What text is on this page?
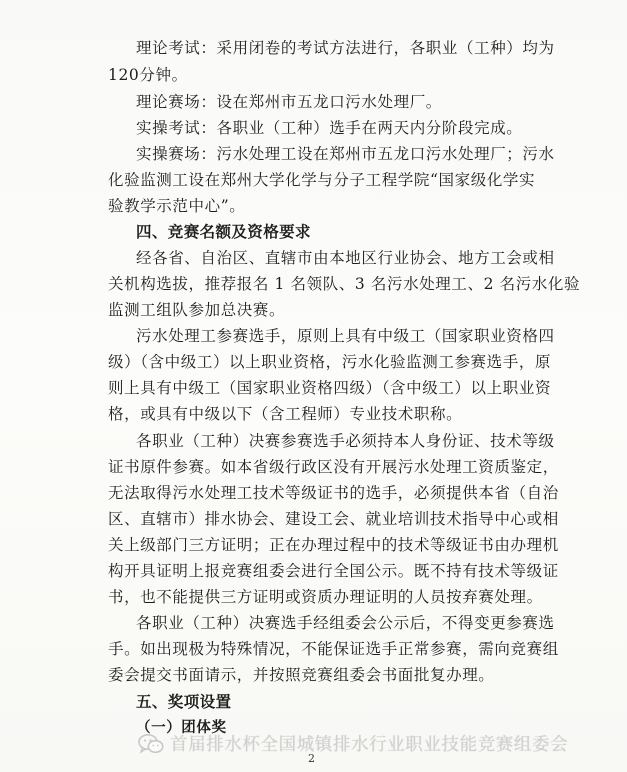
理论考试：采用闭卷的考试方法进行，各职业（工种）均为
120分钟。
理论赛场：设在郑州市五龙口污水处理厂。
实操考试：各职业（工种）选手在两天内分阶段完成。
实操赛场：污水处理工设在郑州市五龙口污水处理厂；污水
化验监测工设在郑州大学化学与分子工程学院“国家级化学实
验教学示范中心”。
四、竞赛名额及资格要求
经各省、自治区、直辖市由本地区行业协会、地方工会或相
关机构选拔，推荐报名 1 名领队、3 名污水处理工、2 名污水化验
监测工组队参加总决赛。
污水处理工参赛选手，原则上具有中级工（国家职业资格四
级）（含中级工）以上职业资格，污水化验监测工参赛选手，原
则上具有中级工（国家职业资格四级）（含中级工）以上职业资
格，或具有中级以下（含工程师）专业技术职称。
各职业（工种）决赛参赛选手必须持本人身份证、技术等级
证书原件参赛。如本省级行政区没有开展污水处理工资质鉴定，
无法取得污水处理工技术等级证书的选手，必须提供本省（自治
区、直辖市）排水协会、建设工会、就业培训技术指导中心或相
关上级部门三方证明；正在办理过程中的技术等级证书由办理机
构开具证明上报竞赛组委会进行全国公示。既不持有技术等级证
书，也不能提供三方证明或资质办理证明的人员按弃赛处理。
各职业（工种）决赛选手经组委会公示后，不得变更参赛选
手。如出现极为特殊情况，不能保证选手正常参赛，需向竞赛组
委会提交书面请示，并按照竞赛组委会书面批复办理。
五、奖项设置
（一）团体奖
首届排水杯全国城镇排水行业职业技能竞赛组委会
2
